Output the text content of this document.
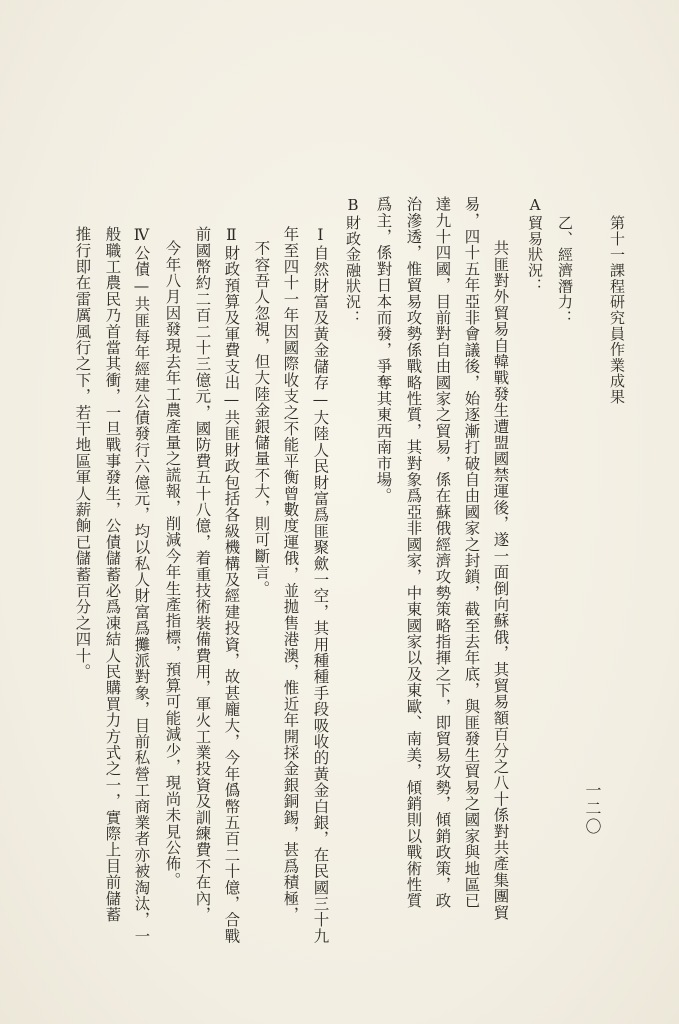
第十一課程研究員作業成果
一二〇
乙、經濟潛力：
A貿易狀況：
共匪對外貿易自韓戰發生遭盟國禁運後，遂一面倒向蘇俄，其貿易額百分之八十係對共產集團貿
易，四十五年亞非會議後，始逐漸打破自由國家之封鎖，截至去年底，與匪發生貿易之國家與地區已
達九十四國，目前對自由國家之貿易，係在蘇俄經濟攻勢策略指揮之下，即貿易攻勢，傾銷政策，政
治滲透，惟貿易攻勢係戰略性質，其對象爲亞非國家，中東國家以及東歐、南美，傾銷則以戰術性質
爲主，係對日本而發，爭奪其東西南市場。
B財政金融狀況：
Ⅰ自然財富及黃金儲存—大陸人民財富爲匪聚歛一空，其用種種手段吸收的黃金白銀，在民國三十九
年至四十一年因國際收支之不能平衡曾數度運俄，並拋售港澳，惟近年開採金銀銅錫，甚爲積極，
不容吾人忽視，但大陸金銀儲量不大，則可斷言。
Ⅱ財政預算及軍費支出—共匪財政包括各級機構及經建投資，故甚龐大，今年僞幣五百二十億，合戰
前國幣約二百二十三億元，國防費五十八億，着重技術裝備費用，軍火工業投資及訓練費不在內，
今年八月因發現去年工農產量之謊報，削減今年生產指標，預算可能減少，現尚未見公佈。
Ⅳ公債—共匪每年經建公債發行六億元，均以私人財富爲攤派對象，目前私營工商業者亦被淘汰，一
般職工農民乃首當其衝，一旦戰事發生，公債儲蓄必爲凍結人民購買力方式之一，實際上目前儲蓄
推行即在雷厲風行之下，若干地區軍人薪餉已儲蓄百分之四十。
